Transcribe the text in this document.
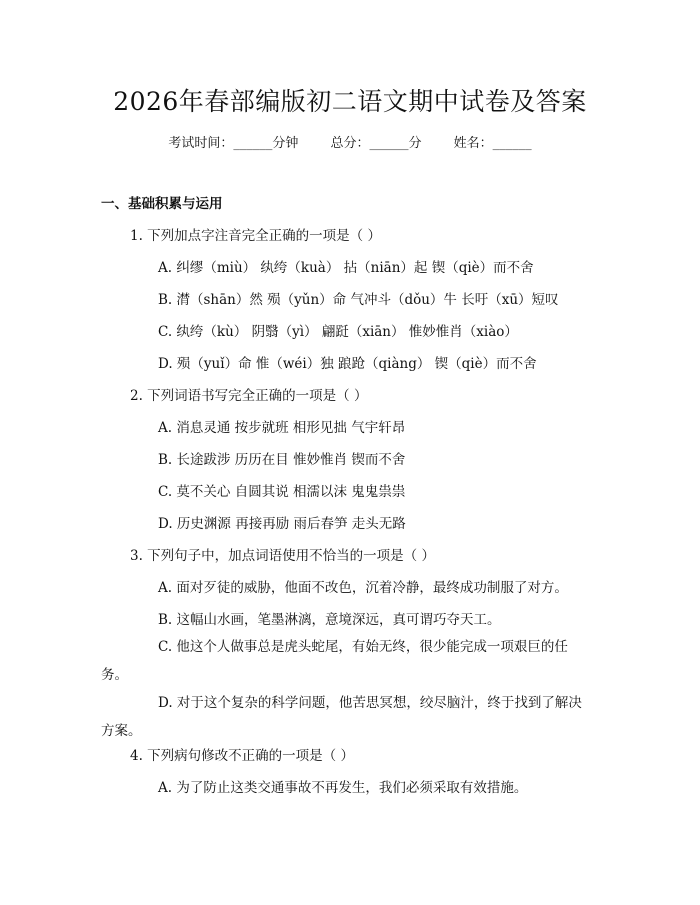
2026年春部编版初二语文期中试卷及答案
考试时间：______分钟 总分：______分 姓名：______
一、基础积累与运用
1. 下列加点字注音完全正确的一项是（ ）
A. 纠缪（miù） 纨绔（kuà） 拈（niān）起 锲（qiè）而不舍
B. 潸（shān）然 殒（yǔn）命 气冲斗（dǒu）牛 长吁（xū）短叹
C. 纨绔（kù） 阴翳（yì） 翩跹（xiān） 惟妙惟肖（xiào）
D. 殒（yuǐ）命 惟（wéi）独 踉跄（qiàng） 锲（qiè）而不舍
2. 下列词语书写完全正确的一项是（ ）
A. 消息灵通 按步就班 相形见拙 气宇轩昂
B. 长途跋涉 历历在目 惟妙惟肖 锲而不舍
C. 莫不关心 自圆其说 相濡以沫 鬼鬼祟祟
D. 历史渊源 再接再励 雨后春笋 走头无路
3. 下列句子中，加点词语使用不恰当的一项是（ ）
A. 面对歹徒的威胁，他面不改色，沉着冷静，最终成功制服了对方。
B. 这幅山水画，笔墨淋漓，意境深远，真可谓巧夺天工。
C. 他这个人做事总是虎头蛇尾，有始无终，很少能完成一项艰巨的任务。
D. 对于这个复杂的科学问题，他苦思冥想，绞尽脑汁，终于找到了解决方案。
4. 下列病句修改不正确的一项是（ ）
A. 为了防止这类交通事故不再发生，我们必须采取有效措施。
